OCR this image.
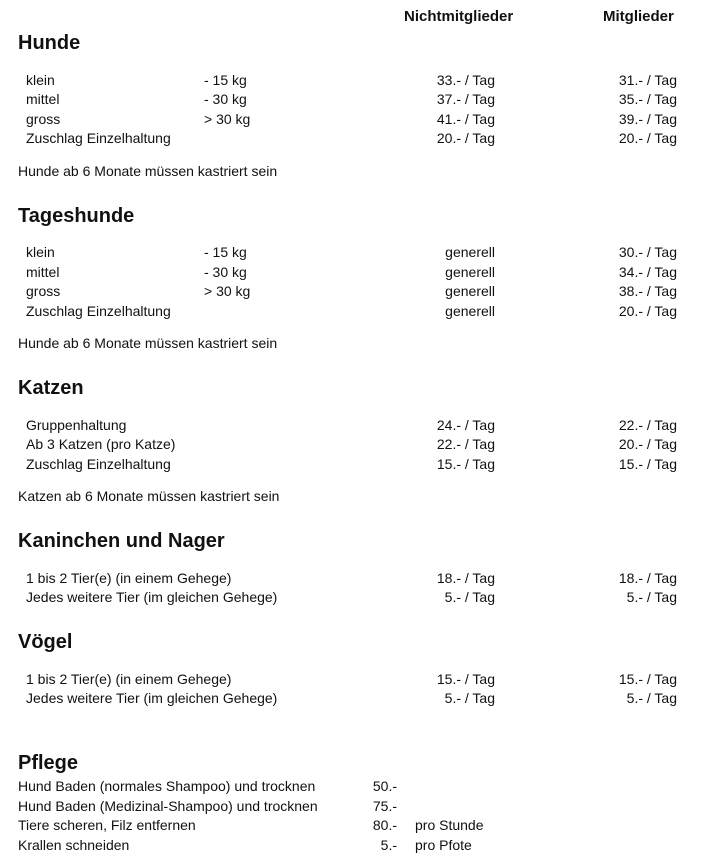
Nichtmitglieder	Mitglieder
Hunde
klein	- 15 kg	33.- / Tag	31.- / Tag
mittel	- 30 kg	37.- / Tag	35.- / Tag
gross	> 30 kg	41.- / Tag	39.- / Tag
Zuschlag Einzelhaltung	20.- / Tag	20.- / Tag
Hunde ab 6 Monate müssen kastriert sein
Tageshunde
klein	- 15 kg	generell	30.- / Tag
mittel	- 30 kg	generell	34.- / Tag
gross	> 30 kg	generell	38.- / Tag
Zuschlag Einzelhaltung	generell	20.- / Tag
Hunde ab 6 Monate müssen kastriert sein
Katzen
Gruppenhaltung	24.- / Tag	22.- / Tag
Ab 3 Katzen (pro Katze)	22.- / Tag	20.- / Tag
Zuschlag Einzelhaltung	15.- / Tag	15.- / Tag
Katzen ab 6 Monate müssen kastriert sein
Kaninchen und Nager
1 bis 2 Tier(e) (in einem Gehege)	18.- / Tag	18.- / Tag
Jedes weitere Tier (im gleichen Gehege)	5.- / Tag	5.- / Tag
Vögel
1 bis 2 Tier(e) (in einem Gehege)	15.- / Tag	15.- / Tag
Jedes weitere Tier (im gleichen Gehege)	5.- / Tag	5.- / Tag
Pflege
Hund Baden (normales Shampoo) und trocknen	50.-
Hund Baden (Medizinal-Shampoo) und trocknen	75.-
Tiere scheren, Filz entfernen	80.- pro Stunde
Krallen schneiden	5.- pro Pfote
